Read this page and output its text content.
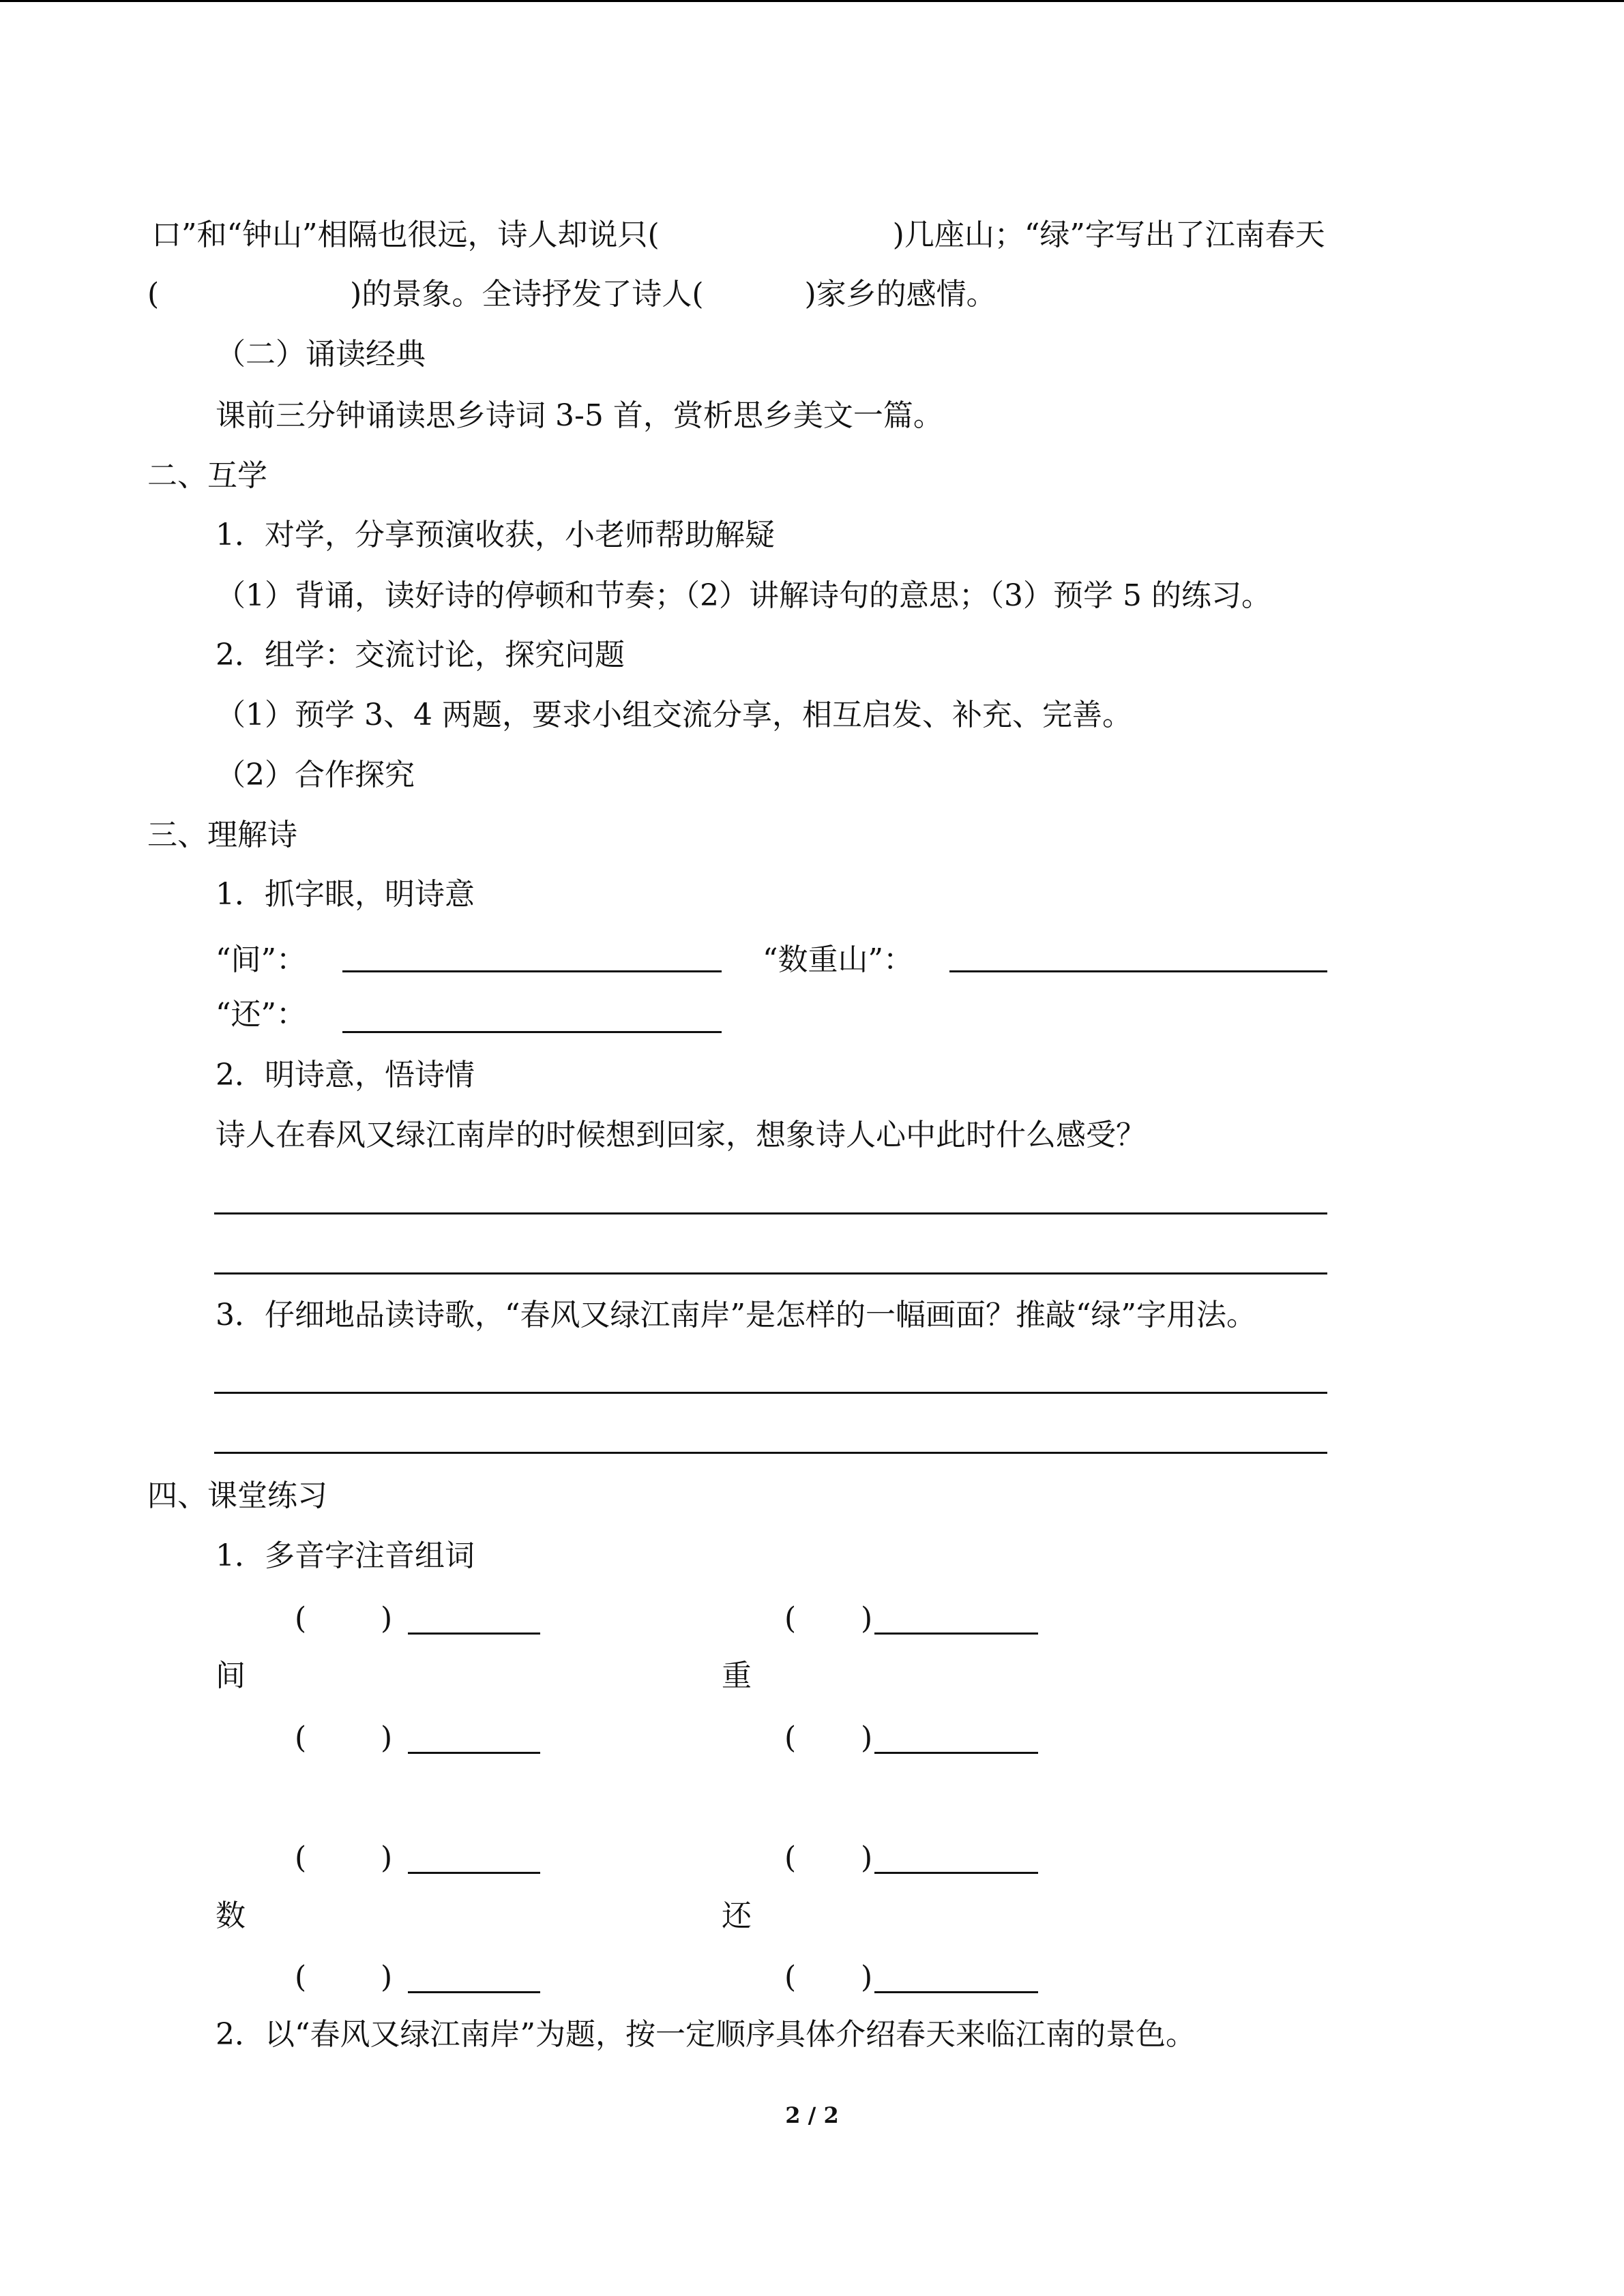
口”和“钟山”相隔也很远，诗人却说只(	)几座山；“绿”字写出了江南春天
(	)的景象。全诗抒发了诗人(	)家乡的感情。
（二）诵读经典
课前三分钟诵读思乡诗词 3-5 首，赏析思乡美文一篇。
二、互学
1．对学，分享预演收获，小老师帮助解疑
（1）背诵，读好诗的停顿和节奏；（2）讲解诗句的意思；（3）预学 5 的练习。
2．组学：交流讨论，探究问题
（1）预学 3、4 两题，要求小组交流分享，相互启发、补充、完善。
（2）合作探究
三、理解诗
1．抓字眼，明诗意
“间”：	“数重山”：
“还”：
2．明诗意，悟诗情
诗人在春风又绿江南岸的时候想到回家，想象诗人心中此时什么感受？
3．仔细地品读诗歌，“春风又绿江南岸”是怎样的一幅画面？推敲“绿”字用法。
四、课堂练习
1．多音字注音组词
( )	( )
间	重
( )	( )
( )	( )
数	还
( )	( )
2．以“春风又绿江南岸”为题，按一定顺序具体介绍春天来临江南的景色。
2 / 2
